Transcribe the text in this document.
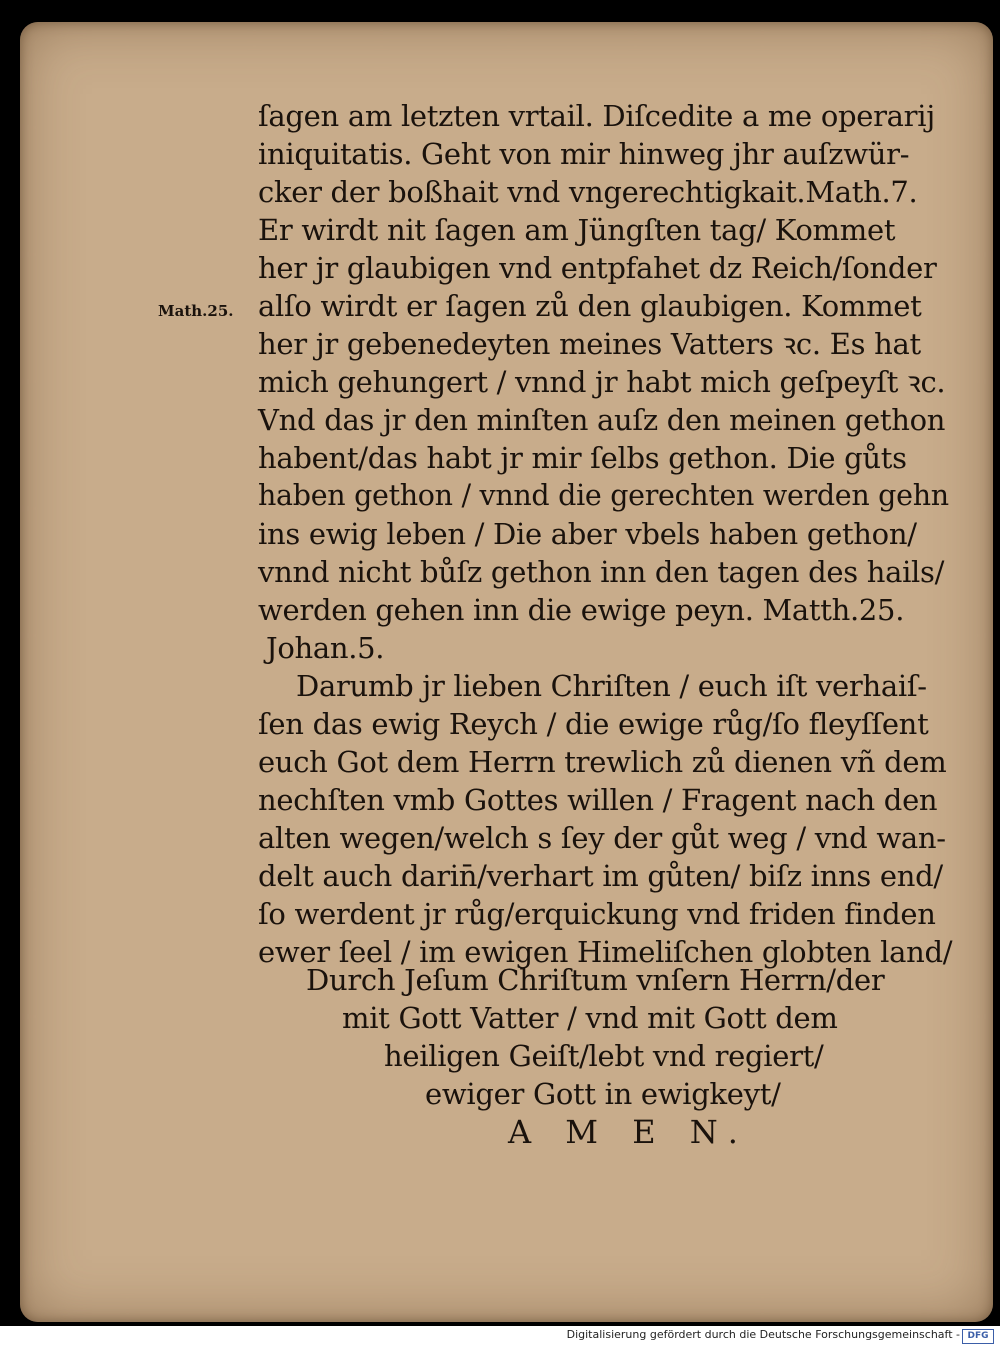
Math.25.
ſagen am letzten vrtail. Diſcedite a me operarij
iniquitatis. Geht von mir hinweg jhr auſzwür‑
cker der boßhait vnd vngerechtigkait.Math.7.
Er wirdt nit ſagen am Jüngſten tag/ Kommet
her jr glaubigen vnd entpfahet dz Reich/ſonder
alſo wirdt er ſagen zů den glaubigen. Kommet
her jr gebenedeyten meines Vatters ꝛc. Es hat
mich gehungert / vnnd jr habt mich geſpeyſt ꝛc.
Vnd das jr den minſten auſz den meinen gethon
habent/das habt jr mir ſelbs gethon. Die gůts
haben gethon / vnnd die gerechten werden gehn
ins ewig leben / Die aber vbels haben gethon/
vnnd nicht bůſz gethon inn den tagen des hails/
werden gehen inn die ewige peyn. Matth.25.
Johan.5.
Darumb jr lieben Chriſten / euch iſt verhaiſ‑
ſen das ewig Reych / die ewige růg/ſo fleyſſent
euch Got dem Herrn trewlich zů dienen vñ dem
nechſten vmb Gottes willen / Fragent nach den
alten wegen/welch s ſey der gůt weg / vnd wan‑
delt auch darin̄/verhart im gůten/ biſz inns end/
ſo werdent jr růg/erquickung vnd friden finden
ewer ſeel / im ewigen Himeliſchen globten land/
Durch Jeſum Chriſtum vnſern Herrn/der
mit Gott Vatter / vnd mit Gott dem
heiligen Geiſt/lebt vnd regiert/
ewiger Gott in ewigkeyt/
A M E N.
Digitalisierung gefördert durch die Deutsche Forschungsgemeinschaft - DFG
